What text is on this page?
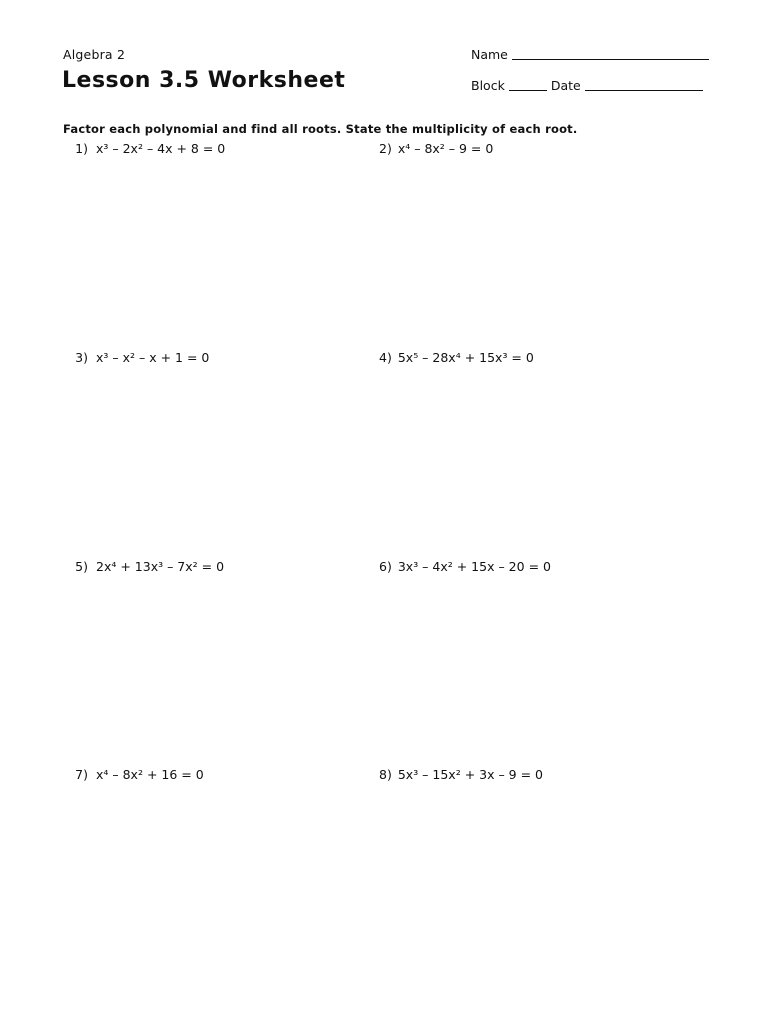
Algebra 2
Lesson 3.5 Worksheet
Name
Block	Date
Factor each polynomial and find all roots. State the multiplicity of each root.
1) x³ – 2x² – 4x + 8 = 0	2) x⁴ – 8x² – 9 = 0
3) x³ – x² – x + 1 = 0	4) 5x⁵ – 28x⁴ + 15x³ = 0
5) 2x⁴ + 13x³ – 7x² = 0	6) 3x³ – 4x² + 15x – 20 = 0
7) x⁴ – 8x² + 16 = 0	8) 5x³ – 15x² + 3x – 9 = 0
